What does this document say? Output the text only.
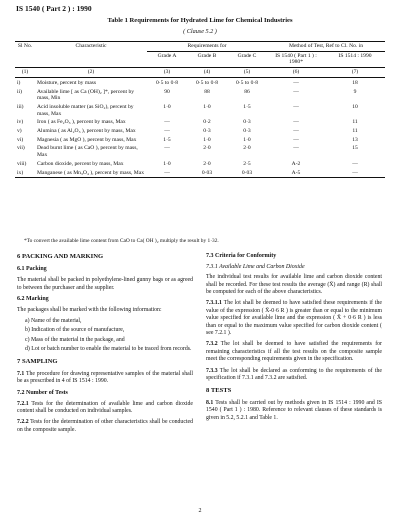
IS 1540 ( Part 2 ) : 1990
Table 1 Requirements for Hydrated Lime for Chemical Industries
( Clause 5.2 )
Sl No.	Characteristic	Requirements for			Method of Test, Ref to Cl. No. in	
		Grade A	Grade B	Grade C	IS 1540 ( Part 1 ) : 1980*	IS 1514 : 1990
(1)	(2)	(3)	(4)	(5)	(6)	(7)
i)	Moisture, percent by mass	0·5 to 0·8	0·5 to 0·8	0·5 to 0·8	—	18
ii)	Available lime [ as Ca (OH)₂ ]*, percent by mass, Min	90	88	86	—	9
iii)	Acid insoluble matter (as SiO₂), percent by mass, Max	1·0	1·0	1·5	—	10
iv)	Iron ( as Fe₂O₃ ), percent by mass, Max	—	0·2	0·3	—	11
v)	Alumina ( as Al₂O₃ ), percent by mass, Max	—	0·3	0·3	—	11
vi)	Magnesia ( as MgO ), percent by mass, Max	1·5	1·0	1·0	—	13
vii)	Dead burnt lime ( as CaO ), percent by mass, Max	—	2·0	2·0	—	15
viii)	Carbon dioxide, percent by mass, Max	1·0	2·0	2·5	A-2	—
ix)	Manganese ( as Mn₃O₄ ), percent by mass, Max	—	0·03	0·03	A-5	—
*To convert the available lime content from CaO to Ca( OH )₂ multiply the result by 1·32.
6 PACKING AND MARKING
6.1 Packing

The material shall be packed in polyethylene-lined gunny bags or as agreed to between the purchaser and the supplier.

6.2 Marking

The packages shall be marked with the following information:

a) Name of the material,
b) Indication of the source of manufacture,
c) Mass of the material in the package, and
d) Lot or batch number to enable the material to be traced from records.
7 SAMPLING

7.1 The procedure for drawing representative samples of the material shall be as prescribed in 4 of IS 1514 : 1990.

7.2 Number of Tests

7.2.1 Tests for the determination of available lime and carbon dioxide content shall be conducted on individual samples.

7.2.2 Tests for the determination of other characteristics shall be conducted on the composite sample.

7.3 Criteria for Conformity
7.3.1 Available Lime and Carbon Dioxide

The individual test results for available lime and carbon dioxide content shall be recorded. For these test results the average (X̄) and range (R) shall be computed for each of the above characteristics.

7.3.1.1 The lot shall be deemed to have satisfied these requirements if the value of the expression ( X̄-0·6 R ) is greater than or equal to the minimum value specified for available lime and the expression ( X̄ + 0·6 R ) is less than or equal to the maximum value specified for carbon dioxide content ( see 7.2.1 ).

7.3.2 The lot shall be deemed to have satisfied the requirements for remaining characteristics if all the test results on the composite sample meet the corresponding requirements given in the specification.

7.3.3 The lot shall be declared as conforming to the requirements of the specification if 7.3.1 and 7.3.2 are satisfied.

8 TESTS

8.1 Tests shall be carried out by methods given in IS 1514 : 1990 and IS 1540 ( Part 1 ) : 1980. Reference to relevant clauses of these standards is given in 5.2, 5.2.1 and Table 1.

2
